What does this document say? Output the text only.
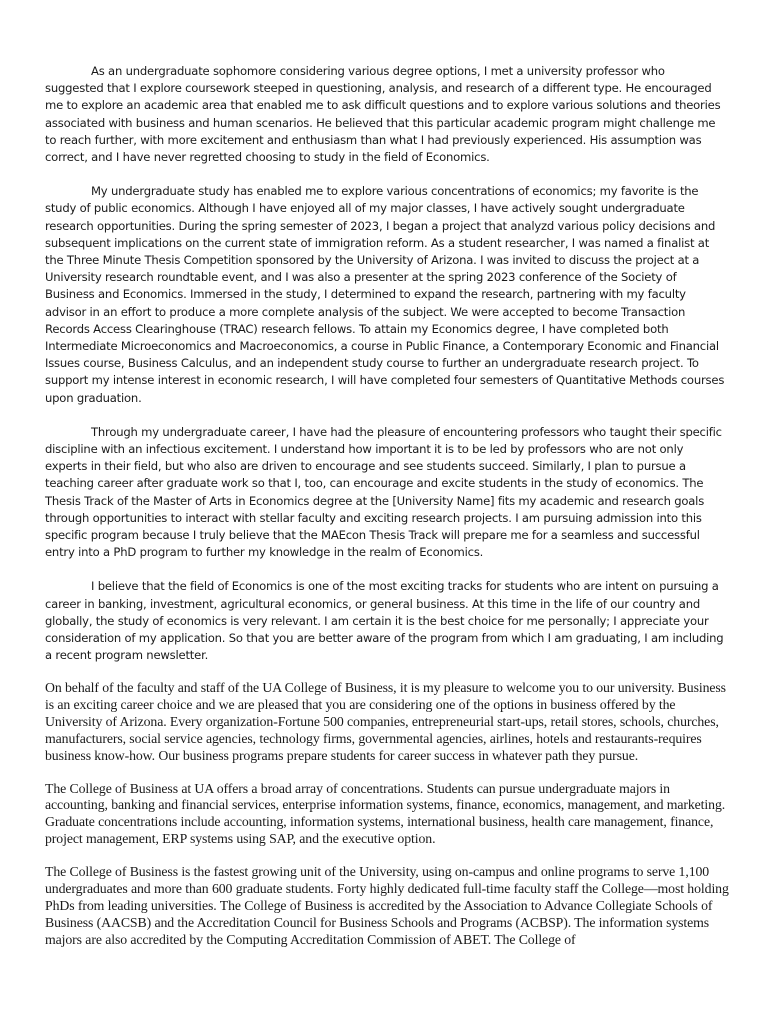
As an undergraduate sophomore considering various degree options, I met a university professor who suggested that I explore coursework steeped in questioning, analysis, and research of a different type. He encouraged me to explore an academic area that enabled me to ask difficult questions and to explore various solutions and theories associated with business and human scenarios. He believed that this particular academic program might challenge me to reach further, with more excitement and enthusiasm than what I had previously experienced. His assumption was correct, and I have never regretted choosing to study in the field of Economics.

My undergraduate study has enabled me to explore various concentrations of economics; my favorite is the study of public economics. Although I have enjoyed all of my major classes, I have actively sought undergraduate research opportunities. During the spring semester of 2023, I began a project that analyzd various policy decisions and subsequent implications on the current state of immigration reform. As a student researcher, I was named a finalist at the Three Minute Thesis Competition sponsored by the University of Arizona. I was invited to discuss the project at a University research roundtable event, and I was also a presenter at the spring 2023 conference of the Society of Business and Economics. Immersed in the study, I determined to expand the research, partnering with my faculty advisor in an effort to produce a more complete analysis of the subject. We were accepted to become Transaction Records Access Clearinghouse (TRAC) research fellows. To attain my Economics degree, I have completed both Intermediate Microeconomics and Macroeconomics, a course in Public Finance, a Contemporary Economic and Financial Issues course, Business Calculus, and an independent study course to further an undergraduate research project. To support my intense interest in economic research, I will have completed four semesters of Quantitative Methods courses upon graduation.

Through my undergraduate career, I have had the pleasure of encountering professors who taught their specific discipline with an infectious excitement. I understand how important it is to be led by professors who are not only experts in their field, but who also are driven to encourage and see students succeed. Similarly, I plan to pursue a teaching career after graduate work so that I, too, can encourage and excite students in the study of economics. The Thesis Track of the Master of Arts in Economics degree at the [University Name] fits my academic and research goals through opportunities to interact with stellar faculty and exciting research projects. I am pursuing admission into this specific program because I truly believe that the MAEcon Thesis Track will prepare me for a seamless and successful entry into a PhD program to further my knowledge in the realm of Economics.

I believe that the field of Economics is one of the most exciting tracks for students who are intent on pursuing a career in banking, investment, agricultural economics, or general business. At this time in the life of our country and globally, the study of economics is very relevant. I am certain it is the best choice for me personally; I appreciate your consideration of my application. So that you are better aware of the program from which I am graduating, I am including a recent program newsletter.

On behalf of the faculty and staff of the UA College of Business, it is my pleasure to welcome you to our university. Business is an exciting career choice and we are pleased that you are considering one of the options in business offered by the University of Arizona. Every organization-Fortune 500 companies, entrepreneurial start-ups, retail stores, schools, churches, manufacturers, social service agencies, technology firms, governmental agencies, airlines, hotels and restaurants-requires business know-how. Our business programs prepare students for career success in whatever path they pursue.

The College of Business at UA offers a broad array of concentrations. Students can pursue undergraduate majors in accounting, banking and financial services, enterprise information systems, finance, economics, management, and marketing. Graduate concentrations include accounting, information systems, international business, health care management, finance, project management, ERP systems using SAP, and the executive option.

The College of Business is the fastest growing unit of the University, using on-campus and online programs to serve 1,100 undergraduates and more than 600 graduate students. Forty highly dedicated full-time faculty staff the College—most holding PhDs from leading universities. The College of Business is accredited by the Association to Advance Collegiate Schools of Business (AACSB) and the Accreditation Council for Business Schools and Programs (ACBSP). The information systems majors are also accredited by the Computing Accreditation Commission of ABET. The College of
